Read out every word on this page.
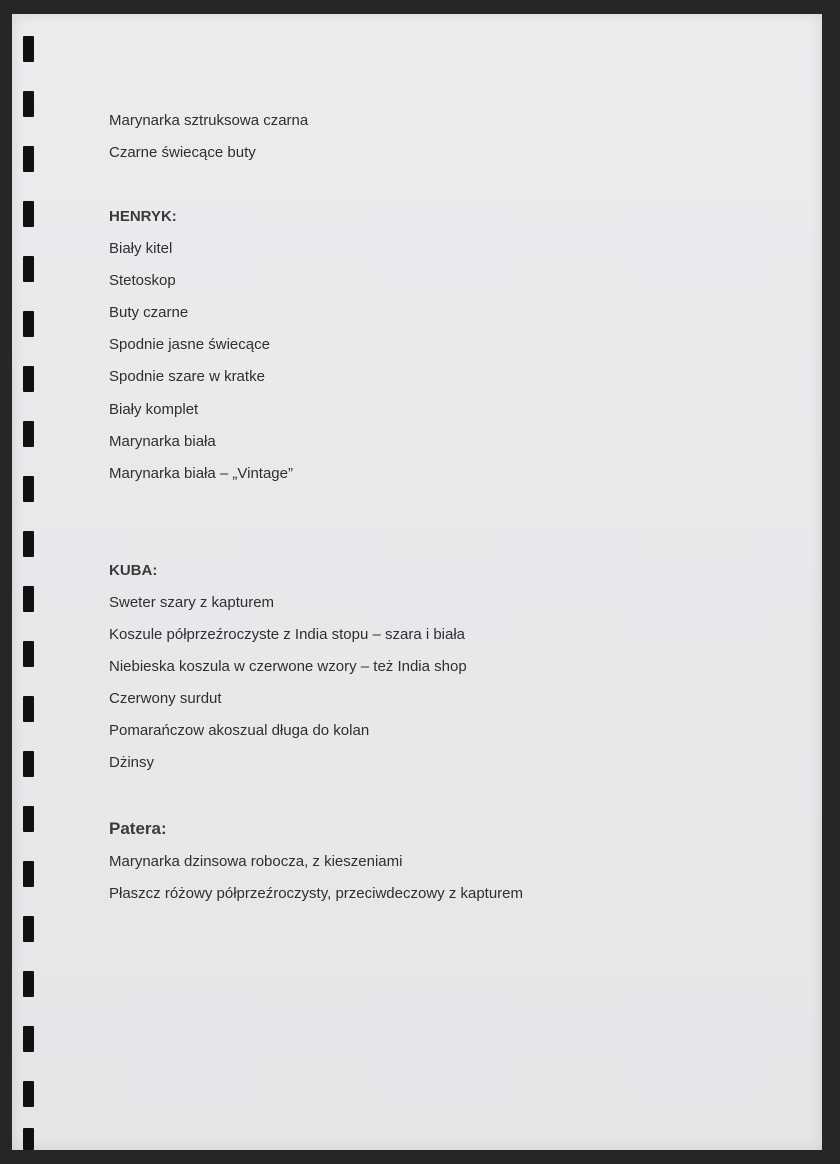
Marynarka sztruksowa czarna
Czarne świecące buty
HENRYK:
Biały kitel
Stetoskop
Buty czarne
Spodnie jasne świecące
Spodnie szare w kratke
Biały komplet
Marynarka biała
Marynarka biała – „Vintage”
KUBA:
Sweter szary z kapturem
Koszule półprzeźroczyste z India stopu – szara i biała
Niebieska koszula w czerwone wzory – też India shop
Czerwony surdut
Pomarańczow akoszual długa do kolan
Dżinsy
Patera:
Marynarka dzinsowa robocza, z kieszeniami
Płaszcz różowy półprzeźroczysty, przeciwdeczowy z kapturem
